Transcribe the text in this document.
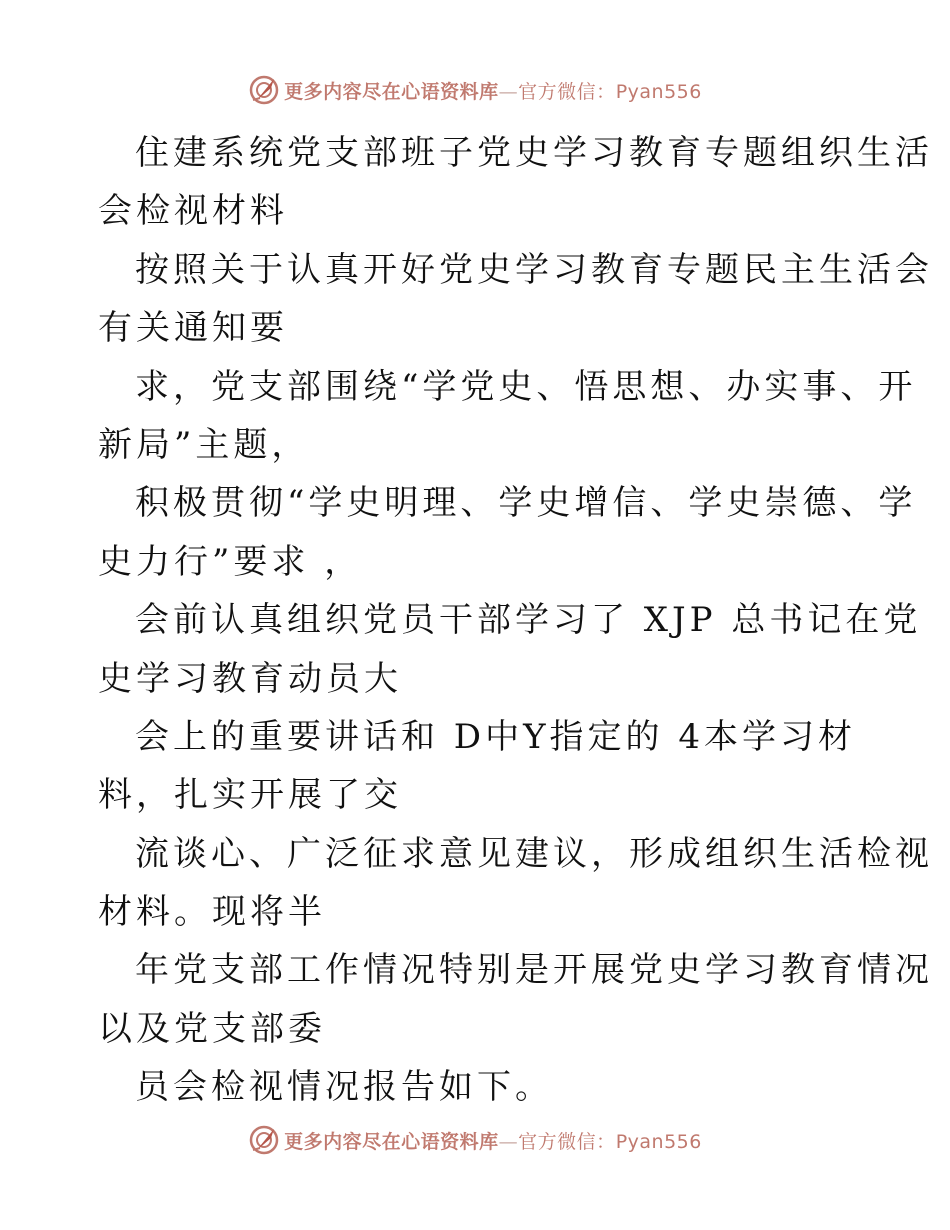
更多内容尽在心语资料库—官方微信：Pyan556
住建系统党支部班子党史学习教育专题组织生活
会检视材料
按照关于认真开好党史学习教育专题民主生活会
有关通知要
求，党支部围绕“学党史、悟思想、办实事、开
新局”主题，
积极贯彻“学史明理、学史增信、学史崇德、学
史力行”要求 ，
会前认真组织党员干部学习了 XJP 总书记在党
史学习教育动员大
会上的重要讲话和 D中Y指定的 4本学习材
料，扎实开展了交
流谈心、广泛征求意见建议，形成组织生活检视
材料。现将半
年党支部工作情况特别是开展党史学习教育情况
以及党支部委
员会检视情况报告如下。
更多内容尽在心语资料库—官方微信：Pyan556
